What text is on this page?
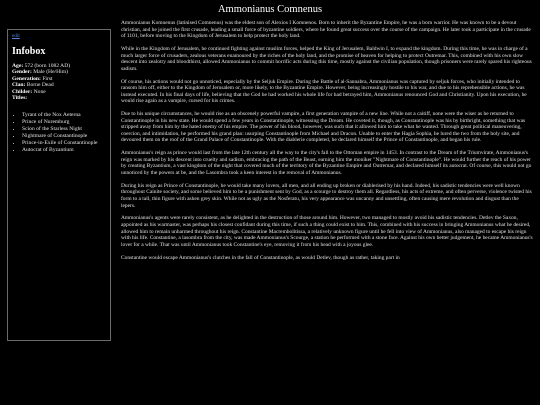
Ammonianus Comnenus
edit
Infobox
Age: 572 (born 1082 AD)
Gender: Male (He/Him)
Generation: First
Clan: Borne Dead
Childer: None
Titles:
• Tyrant of the Nox Aeterna
• Prince of Nuremburg
• Scion of the Starless Night
• Nightmare of Constantinople
• Prince-in-Exile of Constantinople
• Autocrat of Byzantium

Ammonianus Komnenus (latinised Comnenus) was the eldest son of Alexios I Komnenos. Born to inherit the Byzantine Empire, he was a born warrior. He was known to be a devout christian, and he joined the first crusade, leading a small force of byzantine soldiers, where he found great success over the course of the campaign. He later took a participate in the crusade of 1101, before moving to the Kingdom of Jerusalem to help protect the holy land.

While in the Kingdom of Jerusalem, he continued fighting against muslim forces, helped the King of Jerusalem, Baldwin I, to expand the kingdom. During this time, he was in charge of a much larger force of crusaders, zealous veterans enamoured by the riches of the holy land, and the promise of heaven for helping to protect Outremar. This, combined with his own slow descent into zealotry and bloodthirst, allowed Ammonianus to commit horrific acts during this time, mostly against the civilian population, though prisoners were rarely spared his righteous sadism.

Of course, his actions would not go unnoticed, especially by the Seljuk Empire. During the Battle of al-Sannabra, Ammonianus was captured by seljuk forces, who initially intended to ransom him off, either to the Kingdom of Jerusalem or, more likely, to the Byzantine Empire. However, being increasingly hostile to his war, and due to his reprehensible actions, he was instead executed. In his final days of life, believing that the God he had worked his whole life for had betrayed him, Ammonianus renounced God and Christianity. Upon his execution, he would rise again as a vampire, cursed for his crimes.

Due to his unique circumstances, he would rise as an obscenely powerful vampire, a first generation vampire of a new line. While not a caitiff, none were the wiser as he returned to Constantinople in his new state. He would spend a few years in Constantinople, witnessing the Dream. He coveted it, though, as Constantinople was his by birthright, something that was stripped away from him by the hated enemy of his empire. The power of his blood, however, was such that it allowed him to take what he wanted. Through great political maneuvering, coercion, and intimidation, he performed his grand plan: usurping Constantinople from Michael and Dracon. Unable to enter the Hagia Sophia, he lured the two from the holy site, and devoured them on the roof of the Grand Palace of Constantinople. With the diablerie completed, he declared himself the Prince of Constantinople, and began his rule.

Ammonianus's reign as prince would last from the late 12th century all the way to the city's fall to the Ottoman empire in 1453. In contrast to the Dream of the Triumvirate, Ammonianus's reign was marked by his descent into cruelty and sadism, embracing the path of the Beast, earning him the moniker "Nightmare of Constantinople". He would further the reach of his power by creating Byzantium, a vast kingdom of the night that covered much of the territory of the Byzantine Empire and Outremar, and declared himself its autocrat. Of course, this would not go unnoticed by the powers at be, and the Lasombra took a keen interest in the removal of Ammonianus.

During his reign as Prince of Constantinople, he would take many lovers, all men, and all ending up broken or diablerised by his hand. Indeed, his sadistic tendencies were well known throughout Cainite society, and some believed him to be a punishment sent by God, as a scourge to destroy them all. Regardless, his acts of extreme, and often perverse, violence twisted his form to a tall, thin figure with ashen grey skin. While not as ugly as the Nosferatu, his very appearance was uncanny and unsettling, often causing mere revolution and disgust than the lepers.

Ammonianus's agents were rarely consistent, as he delighted in the destruction of those around him. However, two managed to mostly avoid his sadistic tendencies. Detlev the Saxon, appointed as his warmaster, was perhaps his closest confidant during this time, if such a thing could exist to him. This, combined with his success in bringing Ammonianus what he desired, allowed him to remain unharmed throughout his reign. Constantine Macrembolitissa, a relatively unknown figure until he fell into view of Ammonianus, also managed to escape his reign with his life. Constantine, a lasombra from the city, was made Ammonianus's Scourge, a station he performed with a stone face. Against his own better judgement, he became Ammonianus's lover for a while. That was until Ammonianus took Constantine's eye, removing it from his head with a joyous glee.

Constantine would escape Ammonianus's clutches in the fall of Constantinople, as would Detlev, though as rather, taking part in
